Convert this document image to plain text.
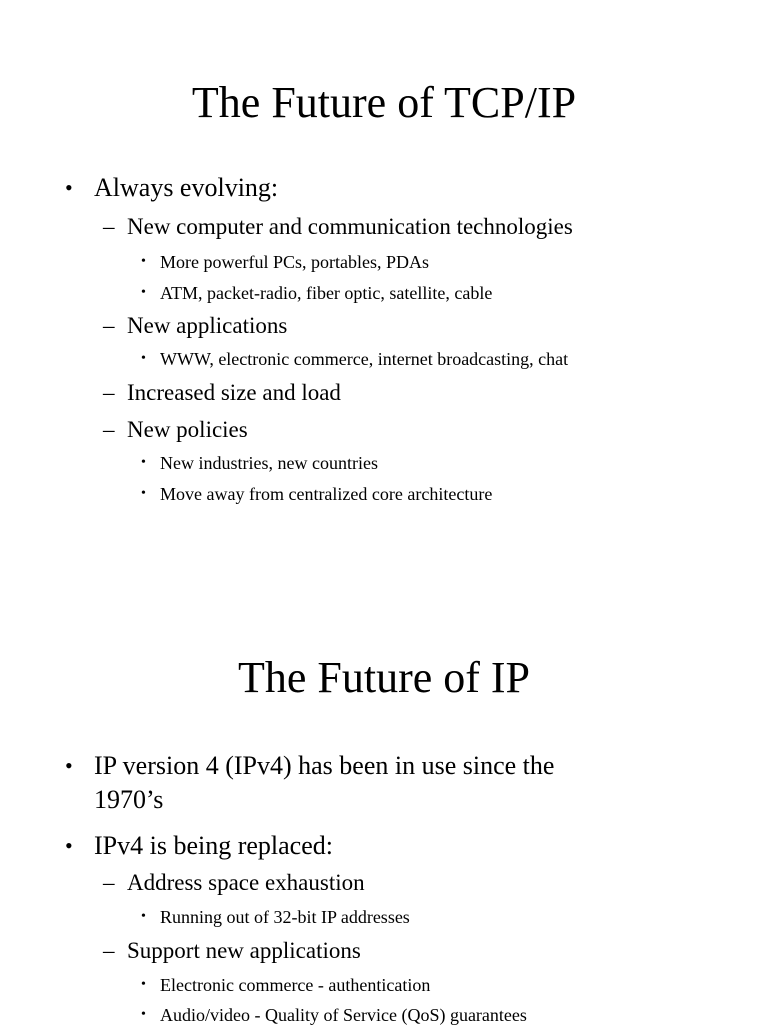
The Future of TCP/IP
• Always evolving:
– New computer and communication technologies
• More powerful PCs, portables, PDAs
• ATM, packet-radio, fiber optic, satellite, cable
– New applications
• WWW, electronic commerce, internet broadcasting, chat
– Increased size and load
– New policies
• New industries, new countries
• Move away from centralized core architecture
The Future of IP
• IP version 4 (IPv4) has been in use since the
1970’s
• IPv4 is being replaced:
– Address space exhaustion
• Running out of 32-bit IP addresses
– Support new applications
• Electronic commerce - authentication
• Audio/video - Quality of Service (QoS) guarantees
